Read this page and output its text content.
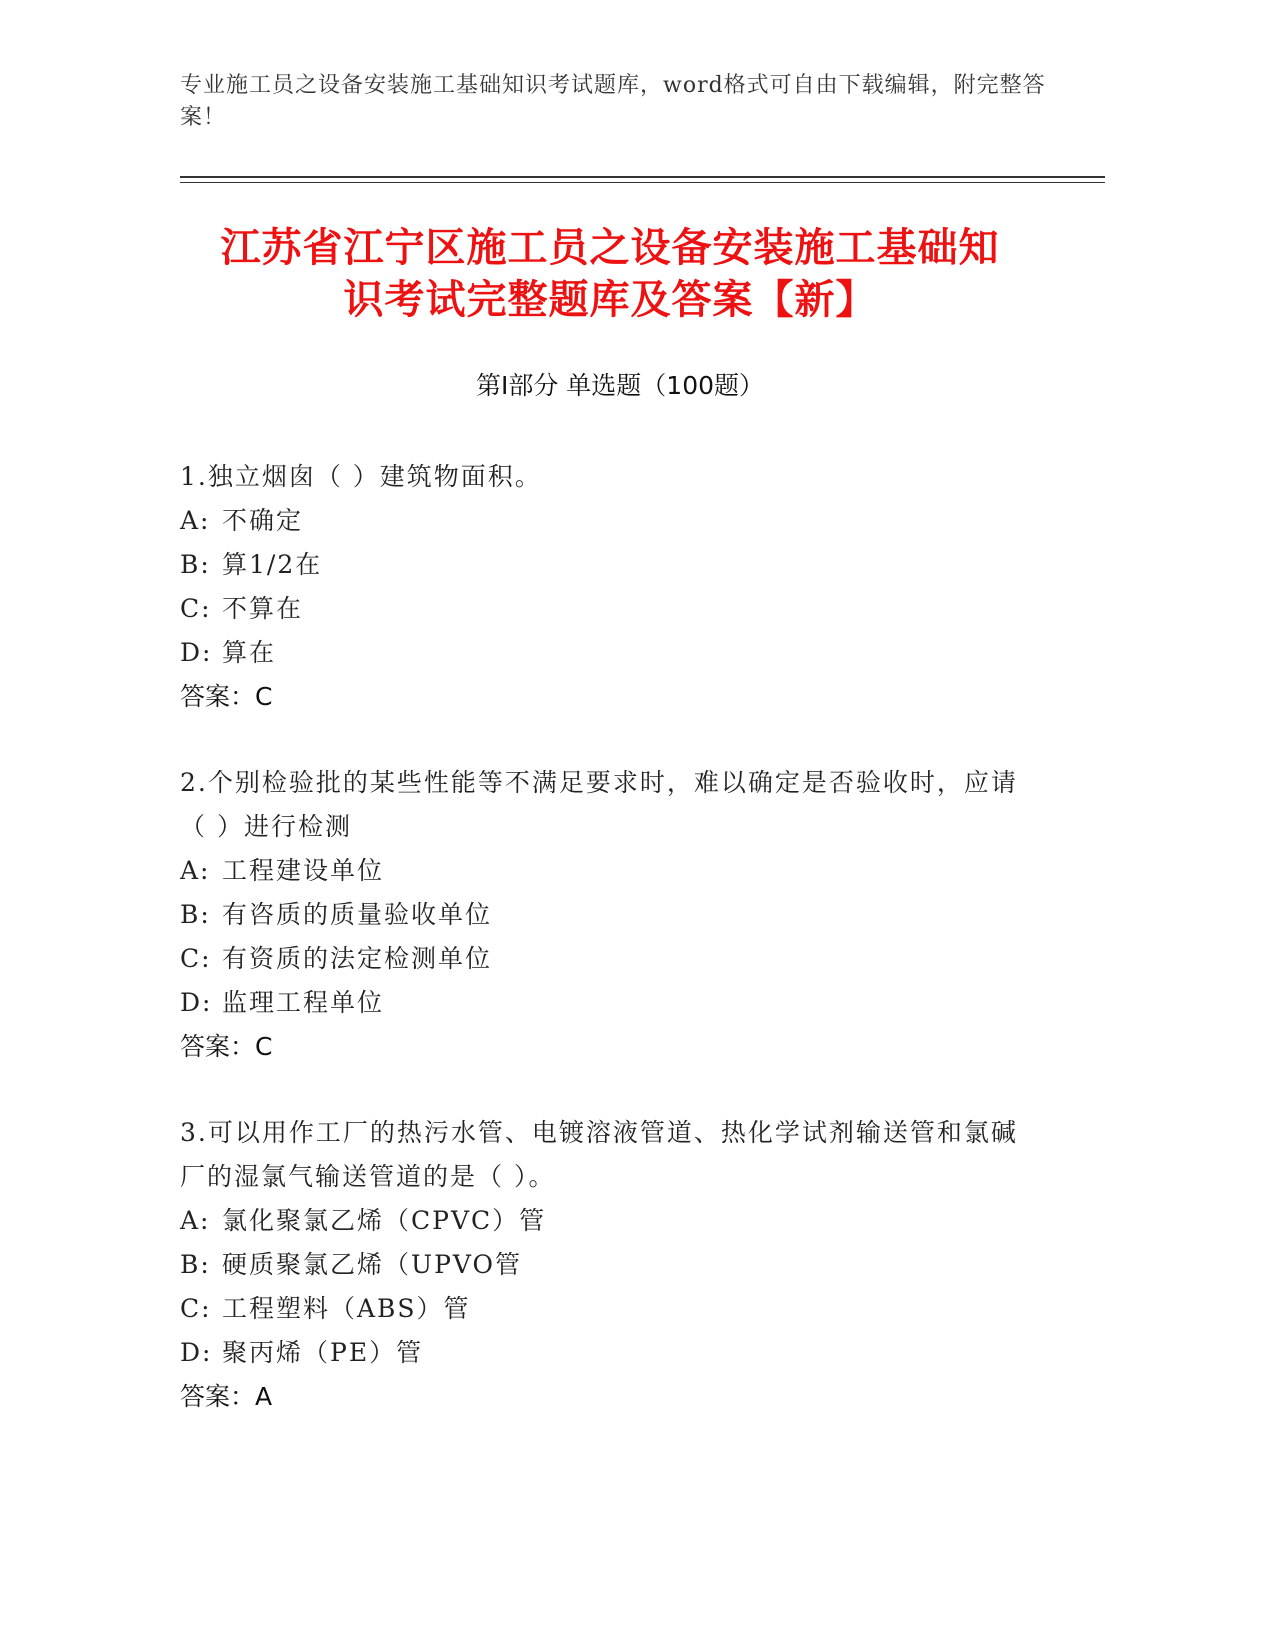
专业施工员之设备安装施工基础知识考试题库，word格式可自由下载编辑，附完整答案！
江苏省江宁区施工员之设备安装施工基础知
识考试完整题库及答案【新】
第Ⅰ部分 单选题（100题）
1.独立烟囱（ ）建筑物面积。
A: 不确定
B: 算1/2在
C: 不算在
D: 算在
答案：C
2.个别检验批的某些性能等不满足要求时，难以确定是否验收时，应请（ ）进行检测
A: 工程建设单位
B: 有咨质的质量验收单位
C: 有资质的法定检测单位
D: 监理工程单位
答案：C
3.可以用作工厂的热污水管、电镀溶液管道、热化学试剂输送管和氯碱厂的湿氯气输送管道的是（ ）。
A: 氯化聚氯乙烯（CPVC）管
B: 硬质聚氯乙烯（UPVO管
C: 工程塑料（ABS）管
D: 聚丙烯（PE）管
答案：A
